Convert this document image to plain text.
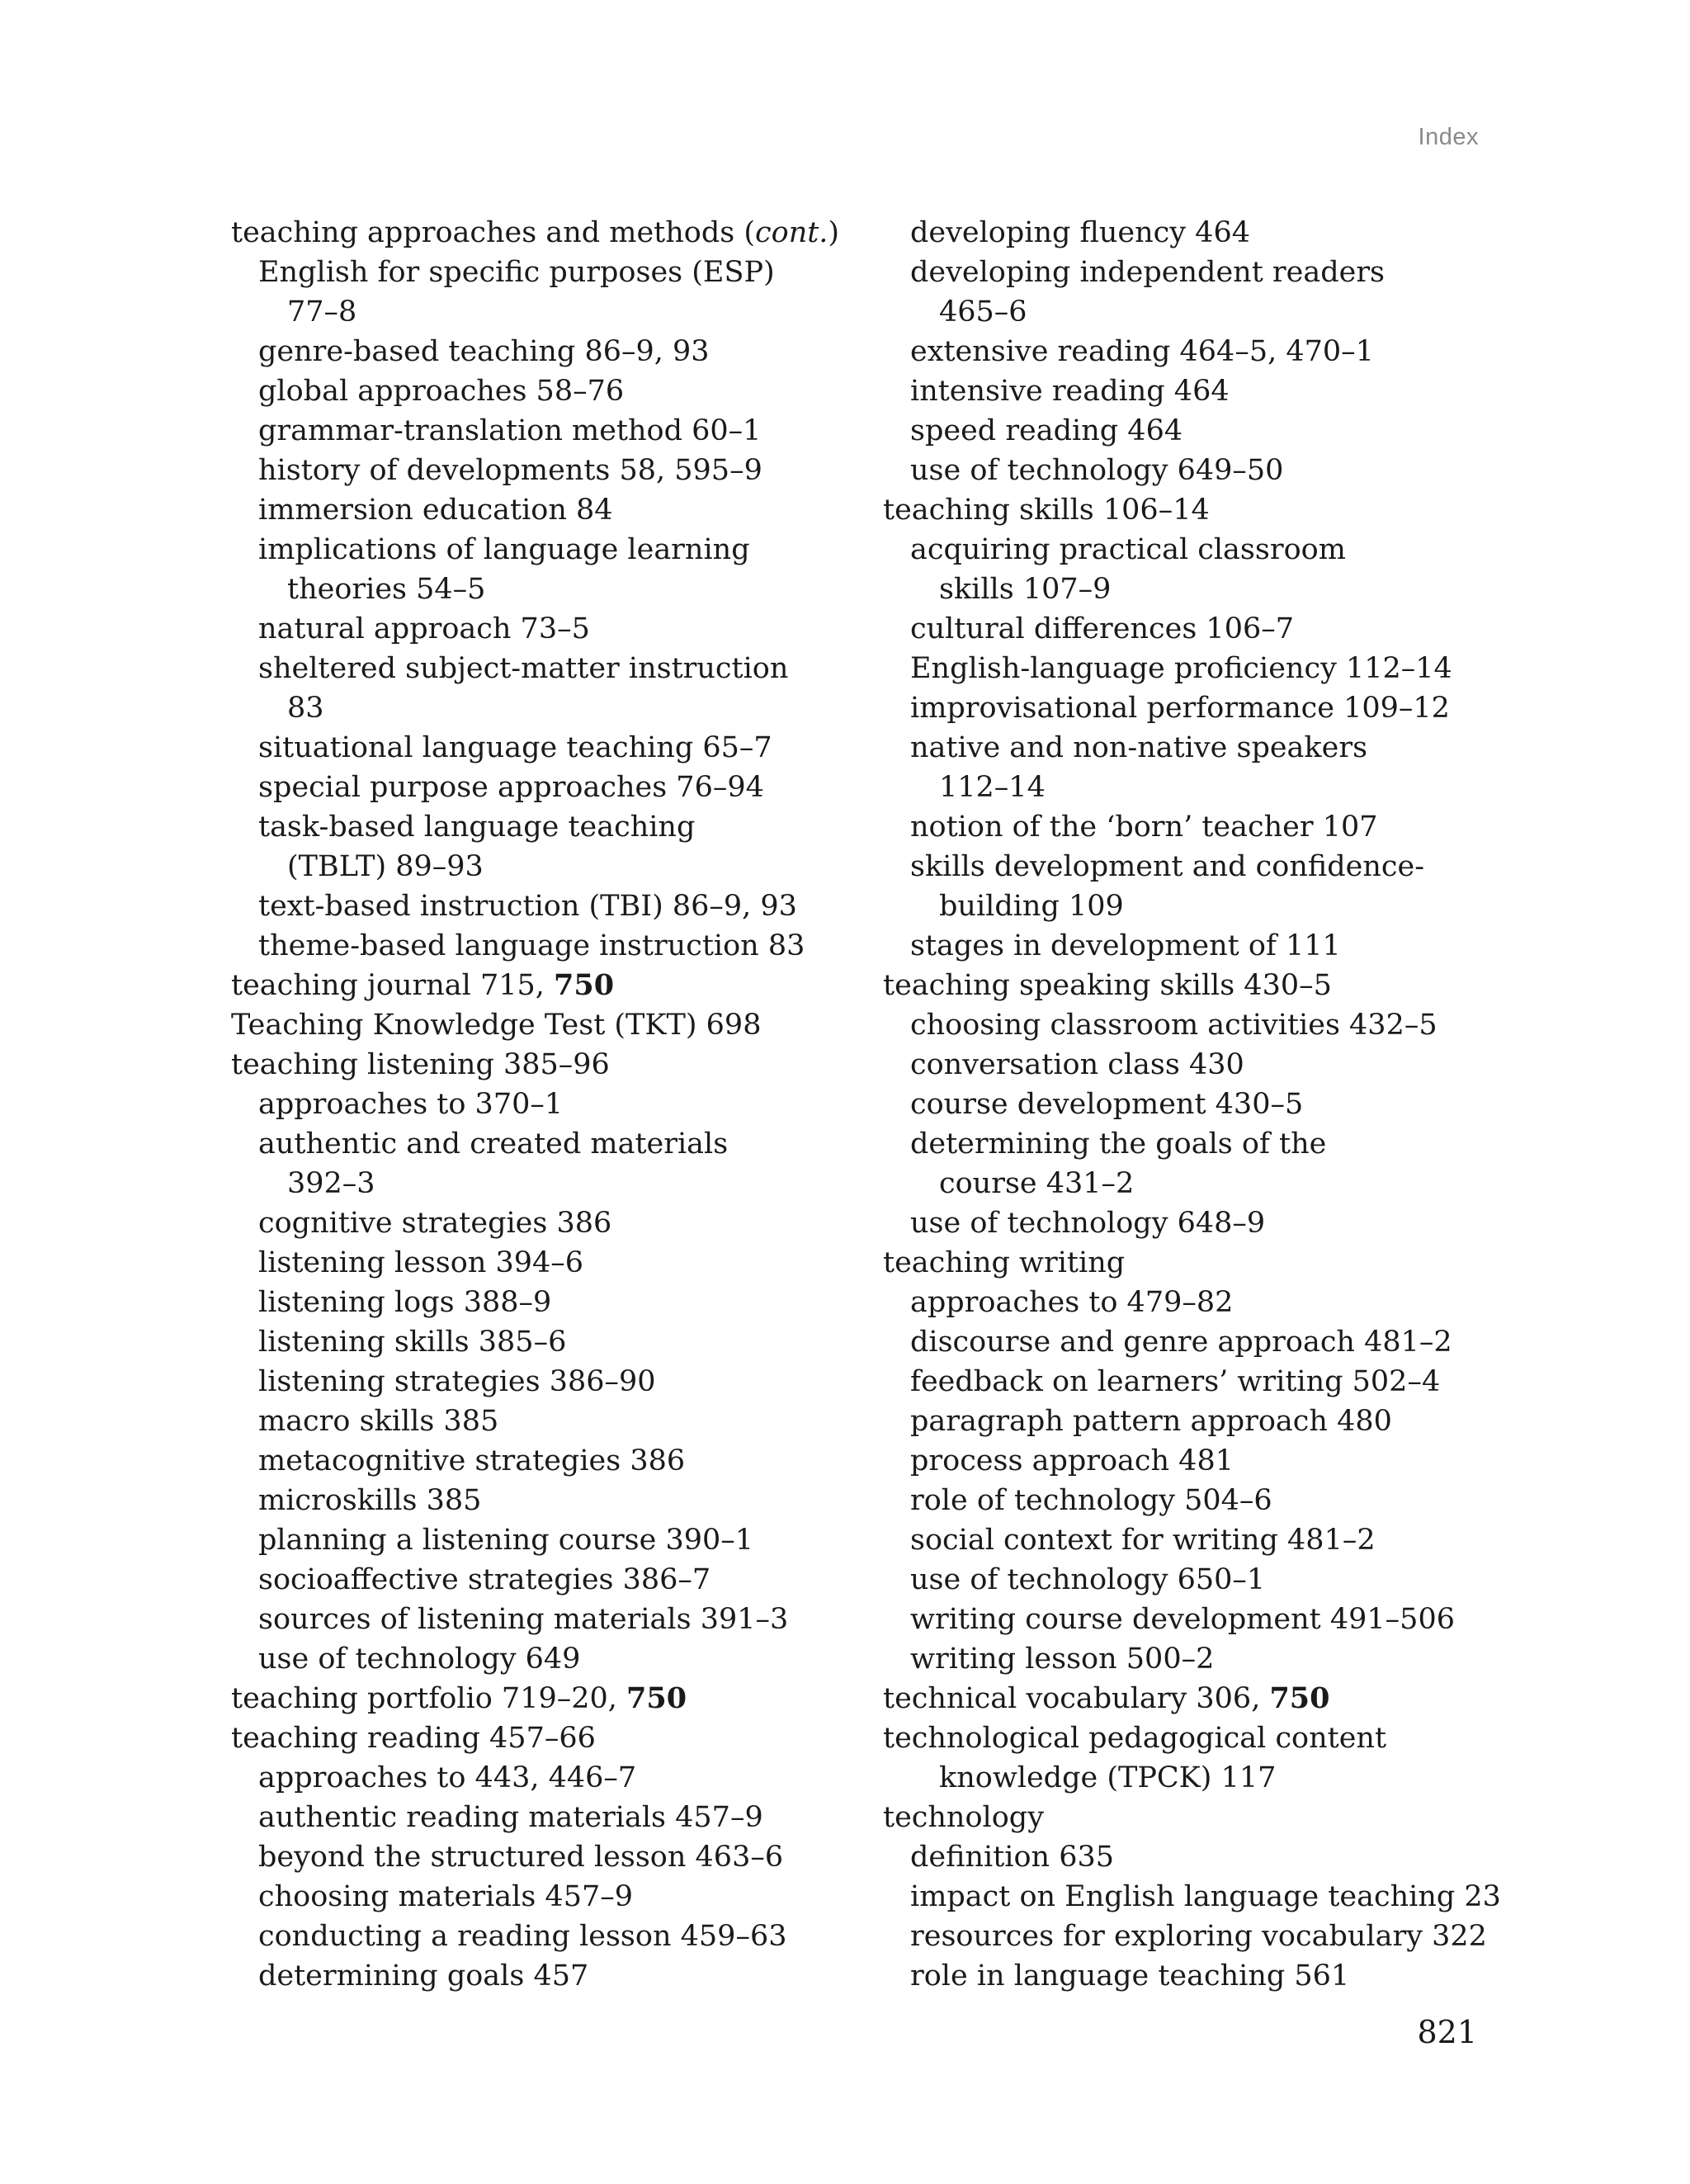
Index
teaching approaches and methods (cont.)
English for specific purposes (ESP)
77–8
genre-based teaching 86–9, 93
global approaches 58–76
grammar-translation method 60–1
history of developments 58, 595–9
immersion education 84
implications of language learning
theories 54–5
natural approach 73–5
sheltered subject-matter instruction
83
situational language teaching 65–7
special purpose approaches 76–94
task-based language teaching
(TBLT) 89–93
text-based instruction (TBI) 86–9, 93
theme-based language instruction 83
teaching journal 715, 750
Teaching Knowledge Test (TKT) 698
teaching listening 385–96
approaches to 370–1
authentic and created materials
392–3
cognitive strategies 386
listening lesson 394–6
listening logs 388–9
listening skills 385–6
listening strategies 386–90
macro skills 385
metacognitive strategies 386
microskills 385
planning a listening course 390–1
socioaffective strategies 386–7
sources of listening materials 391–3
use of technology 649
teaching portfolio 719–20, 750
teaching reading 457–66
approaches to 443, 446–7
authentic reading materials 457–9
beyond the structured lesson 463–6
choosing materials 457–9
conducting a reading lesson 459–63
determining goals 457
developing fluency 464
developing independent readers
465–6
extensive reading 464–5, 470–1
intensive reading 464
speed reading 464
use of technology 649–50
teaching skills 106–14
acquiring practical classroom
skills 107–9
cultural differences 106–7
English-language proficiency 112–14
improvisational performance 109–12
native and non-native speakers
112–14
notion of the ‘born’ teacher 107
skills development and confidence-
building 109
stages in development of 111
teaching speaking skills 430–5
choosing classroom activities 432–5
conversation class 430
course development 430–5
determining the goals of the
course 431–2
use of technology 648–9
teaching writing
approaches to 479–82
discourse and genre approach 481–2
feedback on learners’ writing 502–4
paragraph pattern approach 480
process approach 481
role of technology 504–6
social context for writing 481–2
use of technology 650–1
writing course development 491–506
writing lesson 500–2
technical vocabulary 306, 750
technological pedagogical content
knowledge (TPCK) 117
technology
definition 635
impact on English language teaching 23
resources for exploring vocabulary 322
role in language teaching 561
821
